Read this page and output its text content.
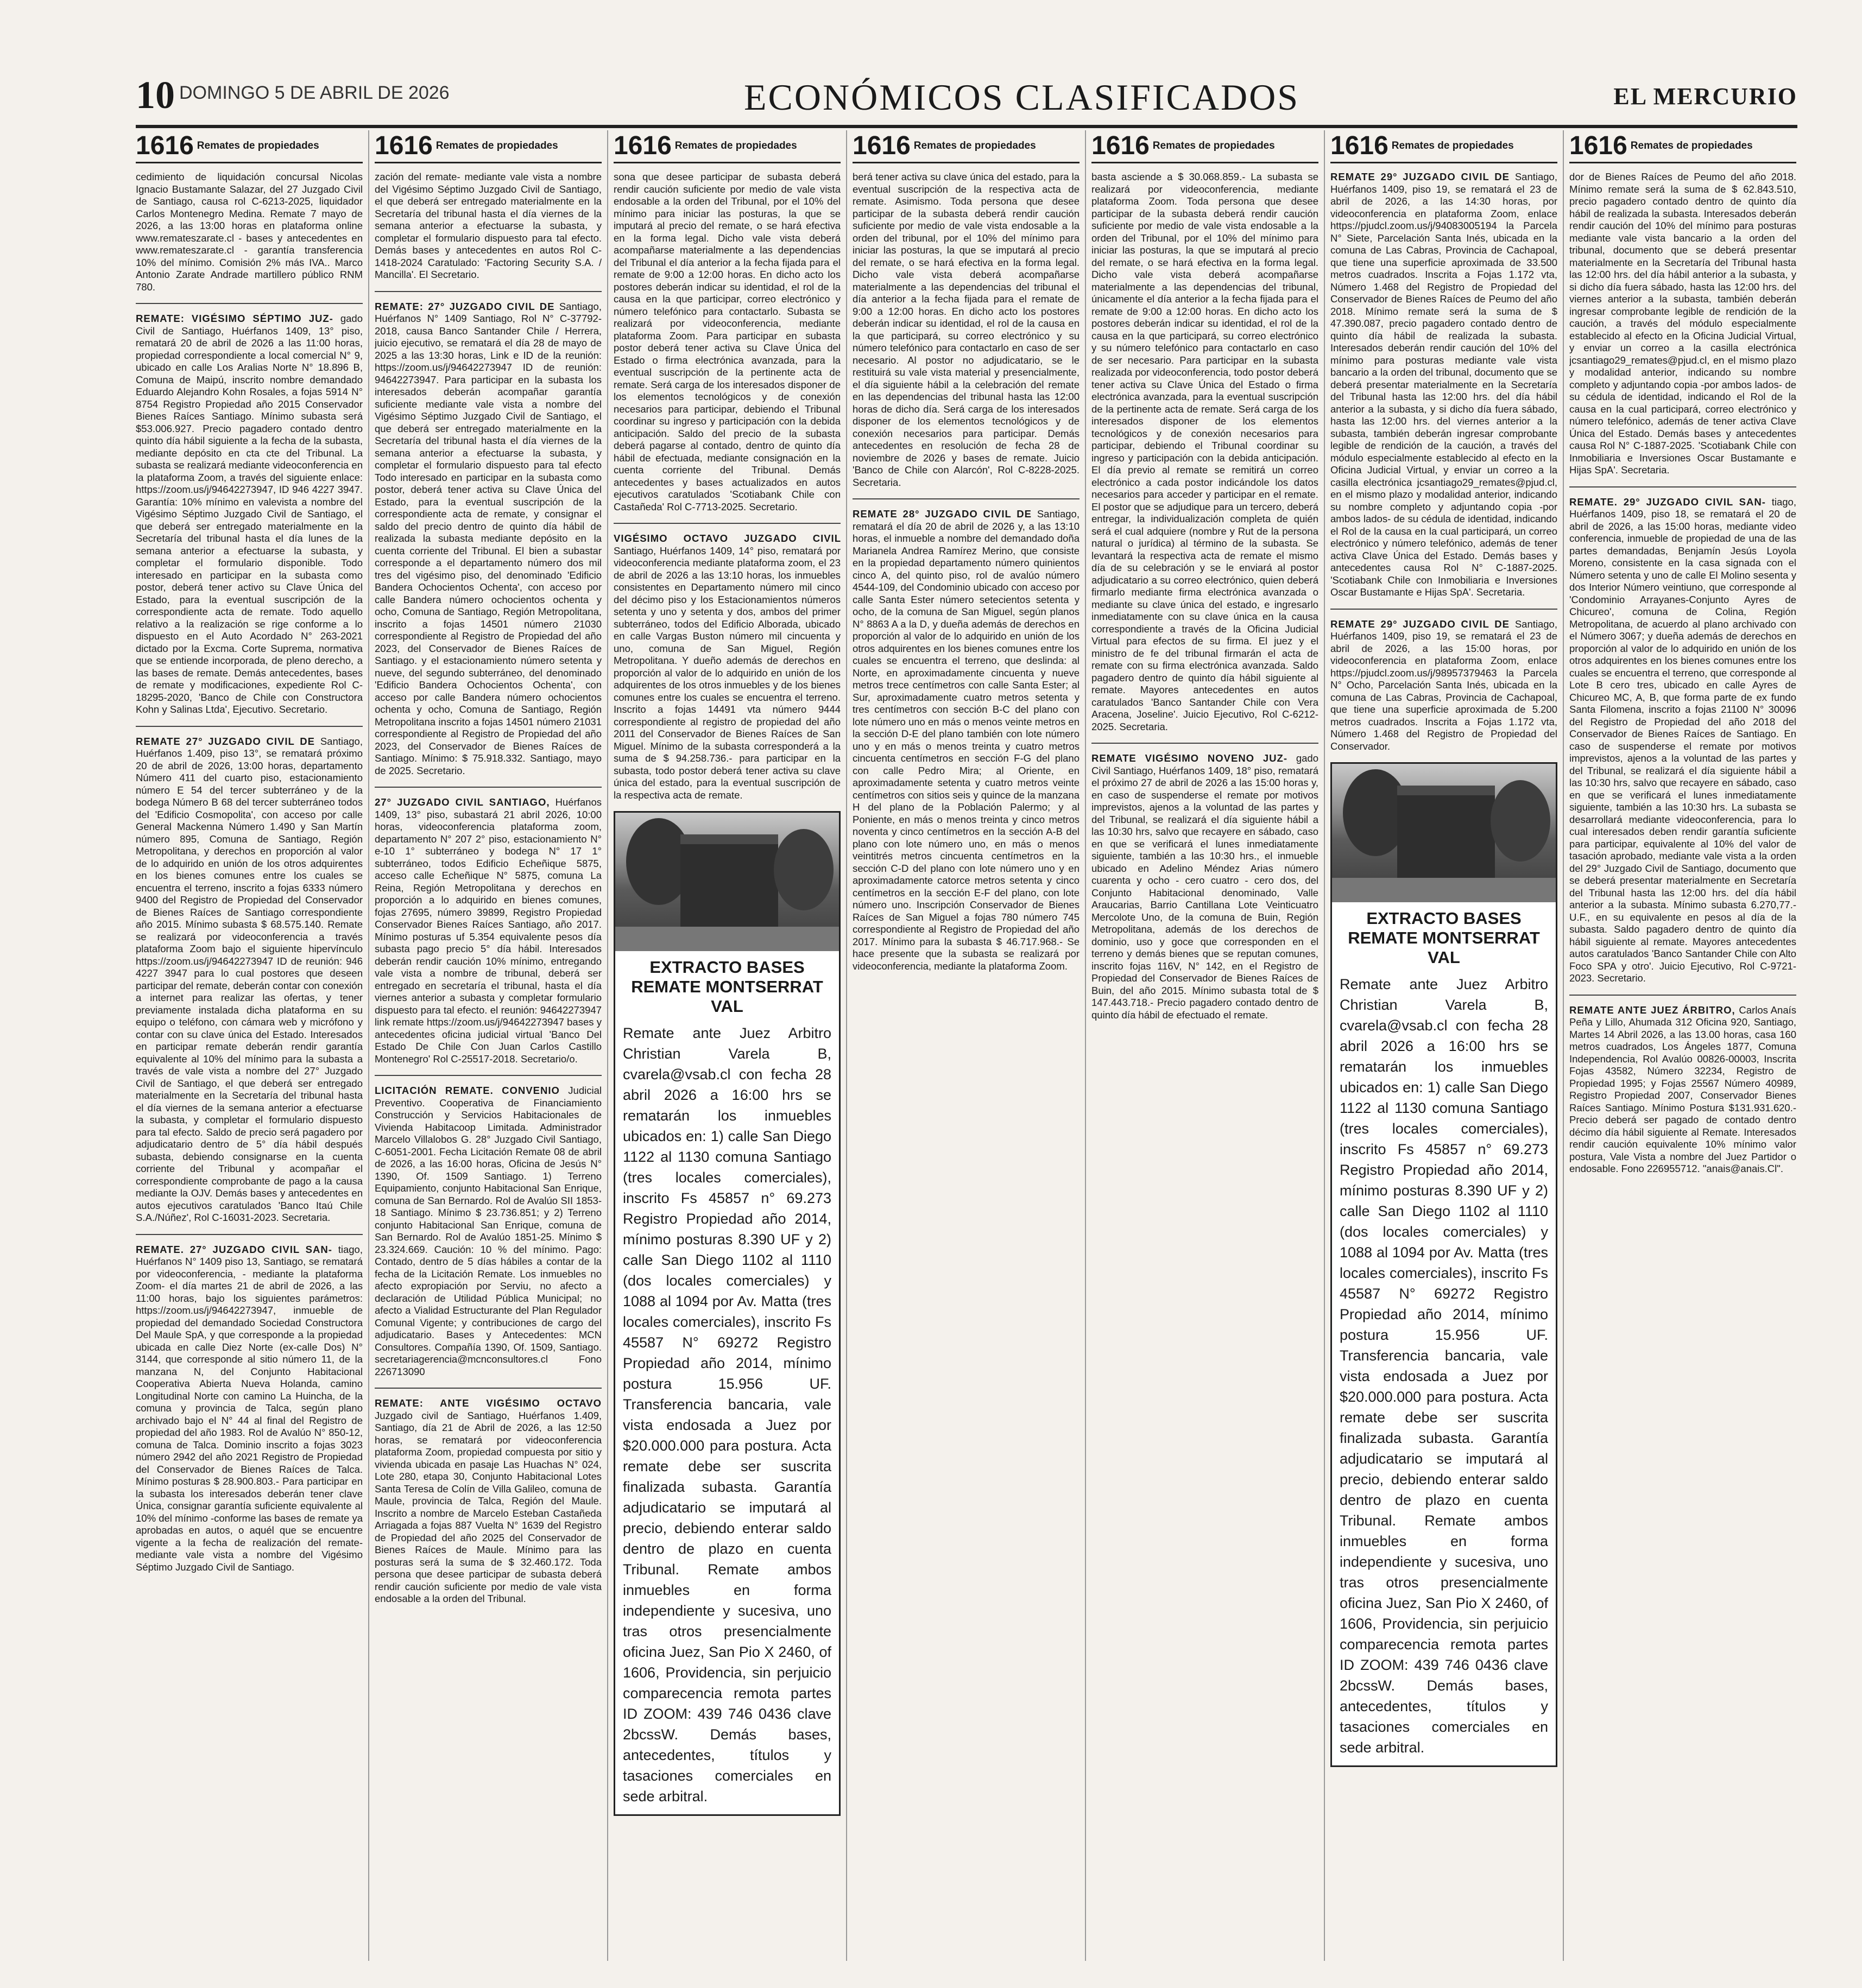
10 DOMINGO 5 DE ABRIL DE 2026	ECONÓMICOS CLASIFICADOS	EL MERCURIO
1616 Remates de propiedades

cedimiento de liquidación concursal Nicolas Ignacio Bustamante Salazar, del 27 Juzgado Civil de Santiago, causa rol C-6213-2025, liquidador Carlos Montenegro Medina. Remate 7 mayo de 2026, a las 13:00 horas en plataforma online www.remateszarate.cl - bases y antecedentes en www.remateszarate.cl - garantía transferencia 10% del mínimo. Comisión 2% más IVA.. Marco Antonio Zarate Andrade martillero público RNM 780.

REMATE: VIGÉSIMO SÉPTIMO JUZ- gado Civil de Santiago, Huérfanos 1409, 13° piso, rematará 20 de abril de 2026 a las 11:00 horas, propiedad correspondiente a local comercial N° 9, ubicado en calle Los Aralias Norte N° 18.896 B, Comuna de Maipú, inscrito nombre demandado Eduardo Alejandro Kohn Rosales, a fojas 5914 N° 8754 Registro Propiedad año 2015 Conservador Bienes Raíces Santiago. Mínimo subasta será $53.006.927. Precio pagadero contado dentro quinto día hábil siguiente a la fecha de la subasta, mediante depósito en cta cte del Tribunal. La subasta se realizará mediante videoconferencia en la plataforma Zoom, a través del siguiente enlace: https://zoom.us/j/94642273947, ID 946 4227 3947. Garantía: 10% mínimo en valevista a nombre del Vigésimo Séptimo Juzgado Civil de Santiago, el que deberá ser entregado materialmente en la Secretaría del tribunal hasta el día lunes de la semana anterior a efectuarse la subasta, y completar el formulario disponible. Todo interesado en participar en la subasta como postor, deberá tener activo su Clave Única del Estado, para la eventual suscripción de la correspondiente acta de remate. Todo aquello relativo a la realización se rige conforme a lo dispuesto en el Auto Acordado N° 263-2021 dictado por la Excma. Corte Suprema, normativa que se entiende incorporada, de pleno derecho, a las bases de remate. Demás antecedentes, bases de remate y modificaciones, expediente Rol C-18295-2020, 'Banco de Chile con Constructora Kohn y Salinas Ltda', Ejecutivo. Secretario.

REMATE 27° JUZGADO CIVIL DE Santiago, Huérfanos 1.409, piso 13°, se rematará próximo 20 de abril de 2026, 13:00 horas, departamento Número 411 del cuarto piso, estacionamiento número E 54 del tercer subterráneo y de la bodega Número B 68 del tercer subterráneo todos del 'Edificio Cosmopolita', con acceso por calle General Mackenna Número 1.490 y San Martín número 895, Comuna de Santiago, Región Metropolitana, y derechos en proporción al valor de lo adquirido en unión de los otros adquirentes en los bienes comunes entre los cuales se encuentra el terreno, inscrito a fojas 6333 número 9400 del Registro de Propiedad del Conservador de Bienes Raíces de Santiago correspondiente año 2015. Mínimo subasta $ 68.575.140. Remate se realizará por videoconferencia a través plataforma Zoom bajo el siguiente hipervínculo https://zoom.us/j/94642273947 ID de reunión: 946 4227 3947 para lo cual postores que deseen participar del remate, deberán contar con conexión a internet para realizar las ofertas, y tener previamente instalada dicha plataforma en su equipo o teléfono, con cámara web y micrófono y contar con su clave única del Estado. Interesados en participar remate deberán rendir garantía equivalente al 10% del mínimo para la subasta a través de vale vista a nombre del 27° Juzgado Civil de Santiago, el que deberá ser entregado materialmente en la Secretaría del tribunal hasta el día viernes de la semana anterior a efectuarse la subasta, y completar el formulario dispuesto para tal efecto. Saldo de precio será pagadero por adjudicatario dentro de 5° día hábil después subasta, debiendo consignarse en la cuenta corriente del Tribunal y acompañar el correspondiente comprobante de pago a la causa mediante la OJV. Demás bases y antecedentes en autos ejecutivos caratulados 'Banco Itaú Chile S.A./Núñez', Rol C-16031-2023. Secretaria.

REMATE. 27° JUZGADO CIVIL SAN- tiago, Huérfanos N° 1409 piso 13, Santiago, se rematará por videoconferencia, - mediante la plataforma Zoom- el día martes 21 de abril de 2026, a las 11:00 horas, bajo los siguientes parámetros: https://zoom.us/j/94642273947, inmueble de propiedad del demandado Sociedad Constructora Del Maule SpA, y que corresponde a la propiedad ubicada en calle Diez Norte (ex-calle Dos) N° 3144, que corresponde al sitio número 11, de la manzana N, del Conjunto Habitacional Cooperativa Abierta Nueva Holanda, camino Longitudinal Norte con camino La Huincha, de la comuna y provincia de Talca, según plano archivado bajo el N° 44 al final del Registro de propiedad del año 1983. Rol de Avalúo N° 850-12, comuna de Talca. Dominio inscrito a fojas 3023 número 2942 del año 2021 Registro de Propiedad del Conservador de Bienes Raíces de Talca. Mínimo posturas $ 28.900.803.- Para participar en la subasta los interesados deberán tener clave Única, consignar garantía suficiente equivalente al 10% del mínimo -conforme las bases de remate ya aprobadas en autos, o aquél que se encuentre vigente a la fecha de realización del remate- mediante vale vista a nombre del Vigésimo Séptimo Juzgado Civil de Santiago.

1616 Remates de propiedades

zación del remate- mediante vale vista a nombre del Vigésimo Séptimo Juzgado Civil de Santiago, el que deberá ser entregado materialmente en la Secretaría del tribunal hasta el día viernes de la semana anterior a efectuarse la subasta, y completar el formulario dispuesto para tal efecto. Demás bases y antecedentes en autos Rol C-1418-2024 Caratulado: 'Factoring Security S.A. / Mancilla'. El Secretario.

REMATE: 27° JUZGADO CIVIL DE Santiago, Huérfanos N° 1409 Santiago, Rol N° C-37792-2018, causa Banco Santander Chile / Herrera, juicio ejecutivo, se rematará el día 28 de mayo de 2025 a las 13:30 horas, Link e ID de la reunión: https://zoom.us/j/94642273947 ID de reunión: 94642273947. Para participar en la subasta los interesados deberán acompañar garantía suficiente mediante vale vista a nombre del Vigésimo Séptimo Juzgado Civil de Santiago, el que deberá ser entregado materialmente en la Secretaría del tribunal hasta el día viernes de la semana anterior a efectuarse la subasta, y completar el formulario dispuesto para tal efecto Todo interesado en participar en la subasta como postor, deberá tener activa su Clave Única del Estado, para la eventual suscripción de la correspondiente acta de remate, y consignar el saldo del precio dentro de quinto día hábil de realizada la subasta mediante depósito en la cuenta corriente del Tribunal. El bien a subastar corresponde a el departamento número dos mil tres del vigésimo piso, del denominado 'Edificio Bandera Ochocientos Ochenta', con acceso por calle Bandera número ochocientos ochenta y ocho, Comuna de Santiago, Región Metropolitana, inscrito a fojas 14501 número 21030 correspondiente al Registro de Propiedad del año 2023, del Conservador de Bienes Raíces de Santiago. y el estacionamiento número setenta y nueve, del segundo subterráneo, del denominado 'Edificio Bandera Ochocientos Ochenta', con acceso por calle Bandera número ochocientos ochenta y ocho, Comuna de Santiago, Región Metropolitana inscrito a fojas 14501 número 21031 correspondiente al Registro de Propiedad del año 2023, del Conservador de Bienes Raíces de Santiago. Mínimo: $ 75.918.332. Santiago, mayo de 2025. Secretario.

27° JUZGADO CIVIL SANTIAGO, Huérfanos 1409, 13° piso, subastará 21 abril 2026, 10:00 horas, videoconferencia plataforma zoom, departamento N° 207 2° piso, estacionamiento N° e-10 1° subterráneo y bodega N° 17 1° subterráneo, todos Edificio Echeñique 5875, acceso calle Echeñique N° 5875, comuna La Reina, Región Metropolitana y derechos en proporción a lo adquirido en bienes comunes, fojas 27695, número 39899, Registro Propiedad Conservador Bienes Raíces Santiago, año 2017. Mínimo posturas uf 5.354 equivalente pesos día subasta pago precio 5° día hábil. Interesados deberán rendir caución 10% mínimo, entregando vale vista a nombre de tribunal, deberá ser entregado en secretaría el tribunal, hasta el día viernes anterior a subasta y completar formulario dispuesto para tal efecto. el reunión: 94642273947 link remate https://zoom.us/j/94642273947 bases y antecedentes oficina judicial virtual 'Banco Del Estado De Chile Con Juan Carlos Castillo Montenegro' Rol C-25517-2018. Secretario/o.

LICITACIÓN REMATE. CONVENIO Judicial Preventivo. Cooperativa de Financiamiento Construcción y Servicios Habitacionales de Vivienda Habitacoop Limitada. Administrador Marcelo Villalobos G. 28° Juzgado Civil Santiago, C-6051-2001. Fecha Licitación Remate 08 de abril de 2026, a las 16:00 horas, Oficina de Jesús N° 1390, Of. 1509 Santiago. 1) Terreno Equipamiento, conjunto Habitacional San Enrique, comuna de San Bernardo. Rol de Avalúo SII 1853-18 Santiago. Mínimo $ 23.736.851; y 2) Terreno conjunto Habitacional San Enrique, comuna de San Bernardo. Rol de Avalúo 1851-25. Mínimo $ 23.324.669. Caución: 10 % del mínimo. Pago: Contado, dentro de 5 días hábiles a contar de la fecha de la Licitación Remate. Los inmuebles no afecto expropiación por Serviu, no afecto a declaración de Utilidad Pública Municipal; no afecto a Vialidad Estructurante del Plan Regulador Comunal Vigente; y contribuciones de cargo del adjudicatario. Bases y Antecedentes: MCN Consultores. Compañía 1390, Of. 1509, Santiago. secretariagerencia@mcnconsultores.cl Fono 226713090

REMATE: ANTE VIGÉSIMO OCTAVO Juzgado civil de Santiago, Huérfanos 1.409, Santiago, día 21 de Abril de 2026, a las 12:50 horas, se rematará por videoconferencia plataforma Zoom, propiedad compuesta por sitio y vivienda ubicada en pasaje Las Huachas N° 024, Lote 280, etapa 30, Conjunto Habitacional Lotes Santa Teresa de Colín de Villa Galileo, comuna de Maule, provincia de Talca, Región del Maule. Inscrito a nombre de Marcelo Esteban Castañeda Arriagada a fojas 887 Vuelta N° 1639 del Registro de Propiedad del año 2025 del Conservador de Bienes Raíces de Maule. Mínimo para las posturas será la suma de $ 32.460.172. Toda persona que desee participar de subasta deberá rendir caución suficiente por medio de vale vista endosable a la orden del Tribunal.

1616 Remates de propiedades

sona que desee participar de subasta deberá rendir caución suficiente por medio de vale vista endosable a la orden del Tribunal, por el 10% del mínimo para iniciar las posturas, la que se imputará al precio del remate, o se hará efectiva en la forma legal. Dicho vale vista deberá acompañarse materialmente a las dependencias del Tribunal el día anterior a la fecha fijada para el remate de 9:00 a 12:00 horas. En dicho acto los postores deberán indicar su identidad, el rol de la causa en la que participar, correo electrónico y número telefónico para contactarlo. Subasta se realizará por videoconferencia, mediante plataforma Zoom. Para participar en subasta postor deberá tener activa su Clave Única del Estado o firma electrónica avanzada, para la eventual suscripción de la pertinente acta de remate. Será carga de los interesados disponer de los elementos tecnológicos y de conexión necesarios para participar, debiendo el Tribunal coordinar su ingreso y participación con la debida anticipación. Saldo del precio de la subasta deberá pagarse al contado, dentro de quinto día hábil de efectuada, mediante consignación en la cuenta corriente del Tribunal. Demás antecedentes y bases actualizados en autos ejecutivos caratulados 'Scotiabank Chile con Castañeda' Rol C-7713-2025. Secretario.

VIGÉSIMO OCTAVO JUZGADO CIVIL Santiago, Huérfanos 1409, 14° piso, rematará por videoconferencia mediante plataforma zoom, el 23 de abril de 2026 a las 13:10 horas, los inmuebles consistentes en Departamento número mil cinco del décimo piso y los Estacionamientos números setenta y uno y setenta y dos, ambos del primer subterráneo, todos del Edificio Alborada, ubicado en calle Vargas Buston número mil cincuenta y uno, comuna de San Miguel, Región Metropolitana. Y dueño además de derechos en proporción al valor de lo adquirido en unión de los adquirentes de los otros inmuebles y de los bienes comunes entre los cuales se encuentra el terreno. Inscrito a fojas 14491 vta número 9444 correspondiente al registro de propiedad del año 2011 del Conservador de Bienes Raíces de San Miguel. Mínimo de la subasta corresponderá a la suma de $ 94.258.736.- para participar en la subasta, todo postor deberá tener activa su clave única del estado, para la eventual suscripción de la respectiva acta de remate.

EXTRACTO BASES REMATE MONTSERRAT VAL
Remate ante Juez Arbitro Christian Varela B, cvarela@vsab.cl con fecha 28 abril 2026 a 16:00 hrs se rematarán los inmuebles ubicados en: 1) calle San Diego 1122 al 1130 comuna Santiago (tres locales comerciales), inscrito Fs 45857 n° 69.273 Registro Propiedad año 2014, mínimo posturas 8.390 UF y 2) calle San Diego 1102 al 1110 (dos locales comerciales) y 1088 al 1094 por Av. Matta (tres locales comerciales), inscrito Fs 45587 N° 69272 Registro Propiedad año 2014, mínimo postura 15.956 UF. Transferencia bancaria, vale vista endosada a Juez por $20.000.000 para postura. Acta remate debe ser suscrita finalizada subasta. Garantía adjudicatario se imputará al precio, debiendo enterar saldo dentro de plazo en cuenta Tribunal. Remate ambos inmuebles en forma independiente y sucesiva, uno tras otros presencialmente oficina Juez, San Pio X 2460, of 1606, Providencia, sin perjuicio comparecencia remota partes ID ZOOM: 439 746 0436 clave 2bcssW. Demás bases, antecedentes, títulos y tasaciones comerciales en sede arbitral.
1616 Remates de propiedades

berá tener activa su clave única del estado, para la eventual suscripción de la respectiva acta de remate. Asimismo. Toda persona que desee participar de la subasta deberá rendir caución suficiente por medio de vale vista endosable a la orden del tribunal, por el 10% del mínimo para iniciar las posturas, la que se imputará al precio del remate, o se hará efectiva en la forma legal. Dicho vale vista deberá acompañarse materialmente a las dependencias del tribunal el día anterior a la fecha fijada para el remate de 9:00 a 12:00 horas. En dicho acto los postores deberán indicar su identidad, el rol de la causa en la que participará, su correo electrónico y su número telefónico para contactarlo en caso de ser necesario. Al postor no adjudicatario, se le restituirá su vale vista material y presencialmente, el día siguiente hábil a la celebración del remate en las dependencias del tribunal hasta las 12:00 horas de dicho día. Será carga de los interesados disponer de los elementos tecnológicos y de conexión necesarios para participar. Demás antecedentes en resolución de fecha 28 de noviembre de 2026 y bases de remate. Juicio 'Banco de Chile con Alarcón', Rol C-8228-2025. Secretaria.

REMATE 28° JUZGADO CIVIL DE Santiago, rematará el día 20 de abril de 2026 y, a las 13:10 horas, el inmueble a nombre del demandado doña Marianela Andrea Ramírez Merino, que consiste en la propiedad departamento número quinientos cinco A, del quinto piso, rol de avalúo número 4544-109, del Condominio ubicado con acceso por calle Santa Ester número setecientos setenta y ocho, de la comuna de San Miguel, según planos N° 8863 A a la D, y dueña además de derechos en proporción al valor de lo adquirido en unión de los otros adquirentes en los bienes comunes entre los cuales se encuentra el terreno, que deslinda: al Norte, en aproximadamente cincuenta y nueve metros trece centímetros con calle Santa Ester; al Sur, aproximadamente cuatro metros setenta y tres centímetros con sección B-C del plano con lote número uno en más o menos veinte metros en la sección D-E del plano también con lote número uno y en más o menos treinta y cuatro metros cincuenta centímetros en sección F-G del plano con calle Pedro Mira; al Oriente, en aproximadamente setenta y cuatro metros veinte centímetros con sitios seis y quince de la manzana H del plano de la Población Palermo; y al Poniente, en más o menos treinta y cinco metros noventa y cinco centímetros en la sección A-B del plano con lote número uno, en más o menos veintitrés metros cincuenta centímetros en la sección C-D del plano con lote número uno y en aproximadamente catorce metros setenta y cinco centímetros en la sección E-F del plano, con lote número uno. Inscripción Conservador de Bienes Raíces de San Miguel a fojas 780 número 745 correspondiente al Registro de Propiedad del año 2017. Mínimo para la subasta $ 46.717.968.- Se hace presente que la subasta se realizará por videoconferencia, mediante la plataforma Zoom.

1616 Remates de propiedades

basta asciende a $ 30.068.859.- La subasta se realizará por videoconferencia, mediante plataforma Zoom. Toda persona que desee participar de la subasta deberá rendir caución suficiente por medio de vale vista endosable a la orden del Tribunal, por el 10% del mínimo para iniciar las posturas, la que se imputará al precio del remate, o se hará efectiva en la forma legal. Dicho vale vista deberá acompañarse materialmente a las dependencias del tribunal, únicamente el día anterior a la fecha fijada para el remate de 9:00 a 12:00 horas. En dicho acto los postores deberán indicar su identidad, el rol de la causa en la que participará, su correo electrónico y su número telefónico para contactarlo en caso de ser necesario. Para participar en la subasta realizada por videoconferencia, todo postor deberá tener activa su Clave Única del Estado o firma electrónica avanzada, para la eventual suscripción de la pertinente acta de remate. Será carga de los interesados disponer de los elementos tecnológicos y de conexión necesarios para participar, debiendo el Tribunal coordinar su ingreso y participación con la debida anticipación. El día previo al remate se remitirá un correo electrónico a cada postor indicándole los datos necesarios para acceder y participar en el remate. El postor que se adjudique para un tercero, deberá entregar, la individualización completa de quién será el cual adquiere (nombre y Rut de la persona natural o jurídica) al término de la subasta. Se levantará la respectiva acta de remate el mismo día de su celebración y se le enviará al postor adjudicatario a su correo electrónico, quien deberá firmarlo mediante firma electrónica avanzada o mediante su clave única del estado, e ingresarlo inmediatamente con su clave única en la causa correspondiente a través de la Oficina Judicial Virtual para efectos de su firma. El juez y el ministro de fe del tribunal firmarán el acta de remate con su firma electrónica avanzada. Saldo pagadero dentro de quinto día hábil siguiente al remate. Mayores antecedentes en autos caratulados 'Banco Santander Chile con Vera Aracena, Joseline'. Juicio Ejecutivo, Rol C-6212-2025. Secretaria.

REMATE VIGÉSIMO NOVENO JUZ- gado Civil Santiago, Huérfanos 1409, 18° piso, rematará el próximo 27 de abril de 2026 a las 15:00 horas y, en caso de suspenderse el remate por motivos imprevistos, ajenos a la voluntad de las partes y del Tribunal, se realizará el día siguiente hábil a las 10:30 hrs, salvo que recayere en sábado, caso en que se verificará el lunes inmediatamente siguiente, también a las 10:30 hrs., el inmueble ubicado en Adelino Méndez Arias número cuarenta y ocho - cero cuatro - cero dos, del Conjunto Habitacional denominado, Valle Araucarias, Barrio Cantillana Lote Veinticuatro Mercolote Uno, de la comuna de Buin, Región Metropolitana, además de los derechos de dominio, uso y goce que corresponden en el terreno y demás bienes que se reputan comunes, inscrito fojas 116V, N° 142, en el Registro de Propiedad del Conservador de Bienes Raíces de Buin, del año 2015. Mínimo subasta total de $ 147.443.718.- Precio pagadero contado dentro de quinto día hábil de efectuado el remate.

1616 Remates de propiedades

REMATE 29° JUZGADO CIVIL DE Santiago, Huérfanos 1409, piso 19, se rematará el 23 de abril de 2026, a las 14:30 horas, por videoconferencia en plataforma Zoom, enlace https://pjudcl.zoom.us/j/94083005194 la Parcela N° Siete, Parcelación Santa Inés, ubicada en la comuna de Las Cabras, Provincia de Cachapoal, que tiene una superficie aproximada de 33.500 metros cuadrados. Inscrita a Fojas 1.172 vta, Número 1.468 del Registro de Propiedad del Conservador de Bienes Raíces de Peumo del año 2018. Mínimo remate será la suma de $ 47.390.087, precio pagadero contado dentro de quinto día hábil de realizada la subasta. Interesados deberán rendir caución del 10% del mínimo para posturas mediante vale vista bancario a la orden del tribunal, documento que se deberá presentar materialmente en la Secretaría del Tribunal hasta las 12:00 hrs. del día hábil anterior a la subasta, y si dicho día fuera sábado, hasta las 12:00 hrs. del viernes anterior a la subasta, también deberán ingresar comprobante legible de rendición de la caución, a través del módulo especialmente establecido al efecto en la Oficina Judicial Virtual, y enviar un correo a la casilla electrónica jcsantiago29_remates@pjud.cl, en el mismo plazo y modalidad anterior, indicando su nombre completo y adjuntando copia -por ambos lados- de su cédula de identidad, indicando el Rol de la causa en la cual participará, un correo electrónico y número telefónico, además de tener activa Clave Única del Estado. Demás bases y antecedentes causa Rol N° C-1887-2025. 'Scotiabank Chile con Inmobiliaria e Inversiones Oscar Bustamante e Hijas SpA'. Secretaria.

REMATE 29° JUZGADO CIVIL DE Santiago, Huérfanos 1409, piso 19, se rematará el 23 de abril de 2026, a las 15:00 horas, por videoconferencia en plataforma Zoom, enlace https://pjudcl.zoom.us/j/98957379463 la Parcela N° Ocho, Parcelación Santa Inés, ubicada en la comuna de Las Cabras, Provincia de Cachapoal, que tiene una superficie aproximada de 5.200 metros cuadrados. Inscrita a Fojas 1.172 vta, Número 1.468 del Registro de Propiedad del Conservador.

EXTRACTO BASES REMATE MONTSERRAT VAL
Remate ante Juez Arbitro Christian Varela B, cvarela@vsab.cl con fecha 28 abril 2026 a 16:00 hrs se rematarán los inmuebles ubicados en: 1) calle San Diego 1122 al 1130 comuna Santiago (tres locales comerciales), inscrito Fs 45857 n° 69.273 Registro Propiedad año 2014, mínimo posturas 8.390 UF y 2) calle San Diego 1102 al 1110 (dos locales comerciales) y 1088 al 1094 por Av. Matta (tres locales comerciales), inscrito Fs 45587 N° 69272 Registro Propiedad año 2014, mínimo postura 15.956 UF. Transferencia bancaria, vale vista endosada a Juez por $20.000.000 para postura. Acta remate debe ser suscrita finalizada subasta. Garantía adjudicatario se imputará al precio, debiendo enterar saldo dentro de plazo en cuenta Tribunal. Remate ambos inmuebles en forma independiente y sucesiva, uno tras otros presencialmente oficina Juez, San Pio X 2460, of 1606, Providencia, sin perjuicio comparecencia remota partes ID ZOOM: 439 746 0436 clave 2bcssW. Demás bases, antecedentes, títulos y tasaciones comerciales en sede arbitral.
1616 Remates de propiedades

dor de Bienes Raíces de Peumo del año 2018. Mínimo remate será la suma de $ 62.843.510, precio pagadero contado dentro de quinto día hábil de realizada la subasta. Interesados deberán rendir caución del 10% del mínimo para posturas mediante vale vista bancario a la orden del tribunal, documento que se deberá presentar materialmente en la Secretaría del Tribunal hasta las 12:00 hrs. del día hábil anterior a la subasta, y si dicho día fuera sábado, hasta las 12:00 hrs. del viernes anterior a la subasta, también deberán ingresar comprobante legible de rendición de la caución, a través del módulo especialmente establecido al efecto en la Oficina Judicial Virtual, y enviar un correo a la casilla electrónica jcsantiago29_remates@pjud.cl, en el mismo plazo y modalidad anterior, indicando su nombre completo y adjuntando copia -por ambos lados- de su cédula de identidad, indicando el Rol de la causa en la cual participará, correo electrónico y número telefónico, además de tener activa Clave Única del Estado. Demás bases y antecedentes causa Rol N° C-1887-2025. 'Scotiabank Chile con Inmobiliaria e Inversiones Oscar Bustamante e Hijas SpA'. Secretaria.

REMATE. 29° JUZGADO CIVIL SAN- tiago, Huérfanos 1409, piso 18, se rematará el 20 de abril de 2026, a las 15:00 horas, mediante video conferencia, inmueble de propiedad de una de las partes demandadas, Benjamín Jesús Loyola Moreno, consistente en la casa signada con el Número setenta y uno de calle El Molino sesenta y dos Interior Número veintiuno, que corresponde al 'Condominio Arrayanes-Conjunto Ayres de Chicureo', comuna de Colina, Región Metropolitana, de acuerdo al plano archivado con el Número 3067; y dueña además de derechos en proporción al valor de lo adquirido en unión de los otros adquirentes en los bienes comunes entre los cuales se encuentra el terreno, que corresponde al Lote B cero tres, ubicado en calle Ayres de Chicureo MC, A, B, que forma parte de ex fundo Santa Filomena, inscrito a fojas 21100 N° 30096 del Registro de Propiedad del año 2018 del Conservador de Bienes Raíces de Santiago. En caso de suspenderse el remate por motivos imprevistos, ajenos a la voluntad de las partes y del Tribunal, se realizará el día siguiente hábil a las 10:30 hrs, salvo que recayere en sábado, caso en que se verificará el lunes inmediatamente siguiente, también a las 10:30 hrs. La subasta se desarrollará mediante videoconferencia, para lo cual interesados deben rendir garantía suficiente para participar, equivalente al 10% del valor de tasación aprobado, mediante vale vista a la orden del 29° Juzgado Civil de Santiago, documento que se deberá presentar materialmente en Secretaría del Tribunal hasta las 12:00 hrs. del día hábil anterior a la subasta. Mínimo subasta 6.270,77.- U.F., en su equivalente en pesos al día de la subasta. Saldo pagadero dentro de quinto día hábil siguiente al remate. Mayores antecedentes autos caratulados 'Banco Santander Chile con Alto Foco SPA y otro'. Juicio Ejecutivo, Rol C-9721-2023. Secretario.

REMATE ANTE JUEZ ÁRBITRO, Carlos Anaís Peña y Lillo, Ahumada 312 Oficina 920, Santiago, Martes 14 Abril 2026, a las 13.00 horas, casa 160 metros cuadrados, Los Ángeles 1877, Comuna Independencia, Rol Avalúo 00826-00003, Inscrita Fojas 43582, Número 32234, Registro de Propiedad 1995; y Fojas 25567 Número 40989, Registro Propiedad 2007, Conservador Bienes Raíces Santiago. Mínimo Postura $131.931.620.- Precio deberá ser pagado de contado dentro décimo día hábil siguiente al Remate. Interesados rendir caución equivalente 10% mínimo valor postura, Vale Vista a nombre del Juez Partidor o endosable. Fono 226955712. "anais@anais.Cl".
